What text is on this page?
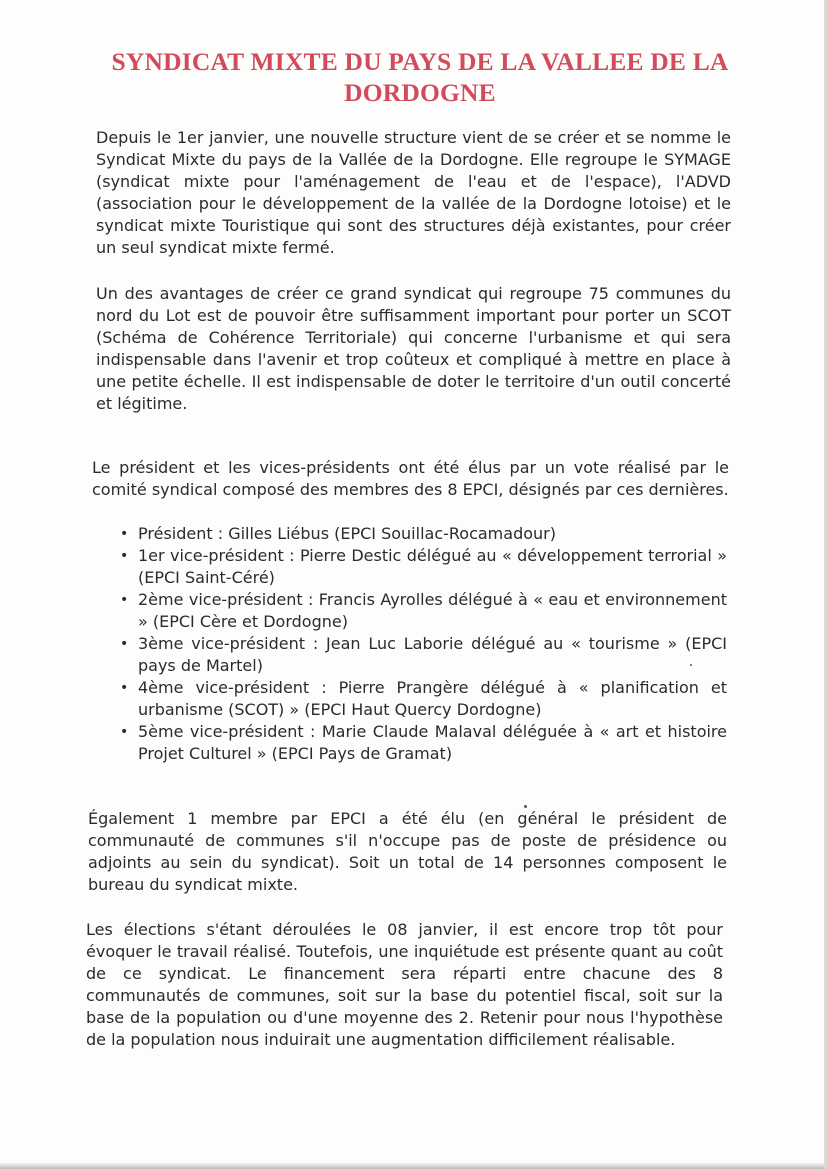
SYNDICAT MIXTE DU PAYS DE LA VALLEE DE LA DORDOGNE

Depuis le 1er janvier, une nouvelle structure vient de se créer et se nomme le Syndicat Mixte du pays de la Vallée de la Dordogne. Elle regroupe le SYMAGE (syndicat mixte pour l'aménagement de l'eau et de l'espace), l'ADVD (association pour le développement de la vallée de la Dordogne lotoise) et le syndicat mixte Touristique qui sont des structures déjà existantes, pour créer un seul syndicat mixte fermé.

Un des avantages de créer ce grand syndicat qui regroupe 75 communes du nord du Lot est de pouvoir être suffisamment important pour porter un SCOT (Schéma de Cohérence Territoriale) qui concerne l'urbanisme et qui sera indispensable dans l'avenir et trop coûteux et compliqué à mettre en place à une petite échelle. Il est indispensable de doter le territoire d'un outil concerté et légitime.

Le président et les vices-présidents ont été élus par un vote réalisé par le comité syndical composé des membres des 8 EPCI, désignés par ces dernières.

• Président : Gilles Liébus (EPCI Souillac-Rocamadour)
• 1er vice-président : Pierre Destic délégué au « développement terrorial » (EPCI Saint-Céré)
• 2ème vice-président : Francis Ayrolles délégué à « eau et environnement » (EPCI Cère et Dordogne)
• 3ème vice-président : Jean Luc Laborie délégué au « tourisme » (EPCI pays de Martel)
• 4ème vice-président : Pierre Prangère délégué à « planification et urbanisme (SCOT) » (EPCI Haut Quercy Dordogne)
• 5ème vice-président : Marie Claude Malaval déléguée à « art et histoire Projet Culturel » (EPCI Pays de Gramat)

Également 1 membre par EPCI a été élu (en général le président de communauté de communes s'il n'occupe pas de poste de présidence ou adjoints au sein du syndicat). Soit un total de 14 personnes composent le bureau du syndicat mixte.

Les élections s'étant déroulées le 08 janvier, il est encore trop tôt pour évoquer le travail réalisé. Toutefois, une inquiétude est présente quant au coût de ce syndicat. Le financement sera réparti entre chacune des 8 communautés de communes, soit sur la base du potentiel fiscal, soit sur la base de la population ou d'une moyenne des 2. Retenir pour nous l'hypothèse de la population nous induirait une augmentation difficilement réalisable.
